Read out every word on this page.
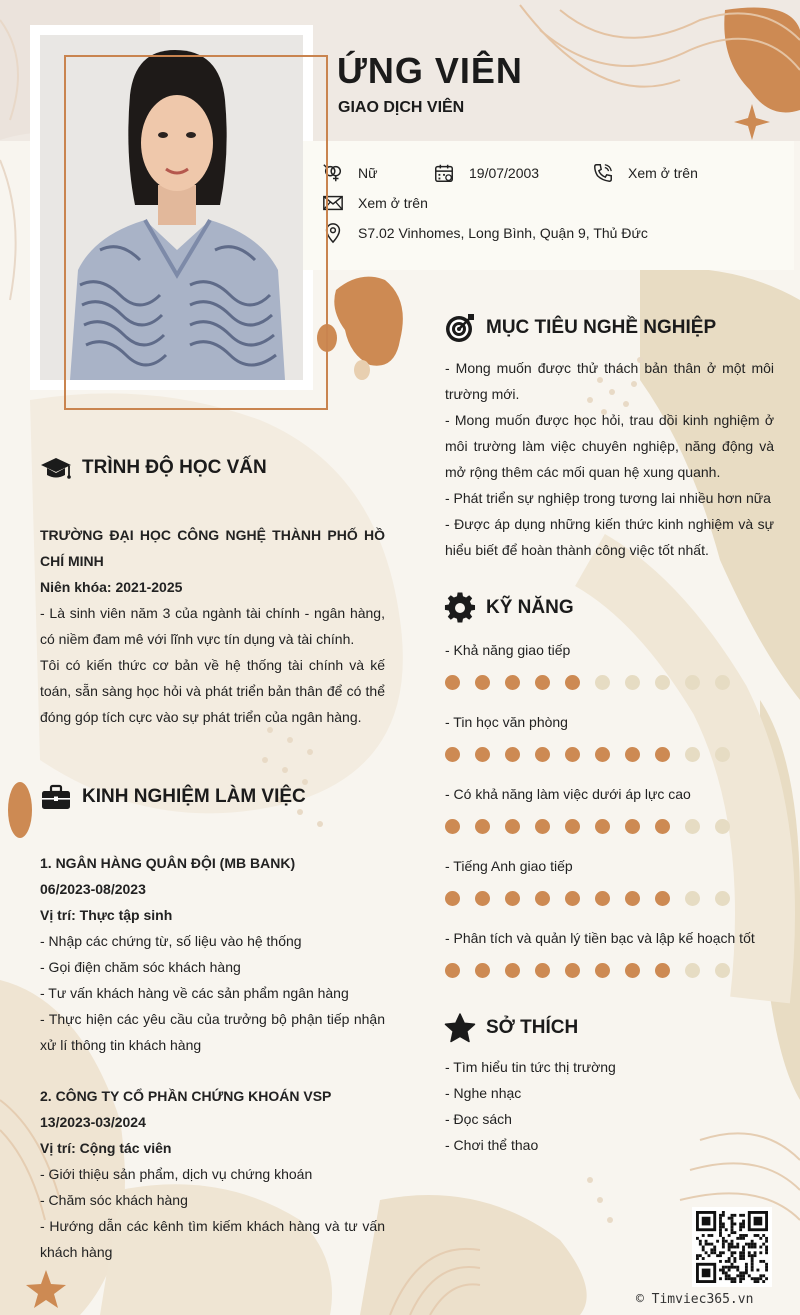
ỨNG VIÊN
GIAO DỊCH VIÊN
Nữ	19/07/2003	Xem ở trên
Xem ở trên
S7.02 Vinhomes, Long Bình, Quận 9, Thủ Đức
MỤC TIÊU NGHỀ NGHIỆP
- Mong muốn được thử thách bản thân ở một môi trường mới.
- Mong muốn được học hỏi, trau dồi kinh nghiệm ở môi trường làm việc chuyên nghiệp, năng động và mở rộng thêm các mối quan hệ xung quanh.
- Phát triển sự nghiệp trong tương lai nhiều hơn nữa
- Được áp dụng những kiến thức kinh nghiệm và sự hiểu biết để hoàn thành công việc tốt nhất.
TRÌNH ĐỘ HỌC VẤN
TRƯỜNG ĐẠI HỌC CÔNG NGHỆ THÀNH PHỐ HỒ CHÍ MINH
Niên khóa: 2021-2025
- Là sinh viên năm 3 của ngành tài chính - ngân hàng, có niềm đam mê với lĩnh vực tín dụng và tài chính.
Tôi có kiến thức cơ bản về hệ thống tài chính và kế toán, sẵn sàng học hỏi và phát triển bản thân để có thể đóng góp tích cực vào sự phát triển của ngân hàng.
KINH NGHIỆM LÀM VIỆC
1. NGÂN HÀNG QUÂN ĐỘI (MB BANK)
06/2023-08/2023
Vị trí: Thực tập sinh
- Nhập các chứng từ, số liệu vào hệ thống
- Gọi điện chăm sóc khách hàng
- Tư vấn khách hàng về các sản phẩm ngân hàng
- Thực hiện các yêu cầu của trưởng bộ phận tiếp nhận xử lí thông tin khách hàng
2. CÔNG TY CỔ PHẦN CHỨNG KHOÁN VSP
13/2023-03/2024
Vị trí: Cộng tác viên
- Giới thiệu sản phẩm, dịch vụ chứng khoán
- Chăm sóc khách hàng
- Hướng dẫn các kênh tìm kiếm khách hàng và tư vấn khách hàng
KỸ NĂNG
- Khả năng giao tiếp
- Tin học văn phòng
- Có khả năng làm việc dưới áp lực cao
- Tiếng Anh giao tiếp
- Phân tích và quản lý tiền bạc và lập kế hoạch tốt
SỞ THÍCH
- Tìm hiểu tin tức thị trường
- Nghe nhạc
- Đọc sách
- Chơi thể thao
© Timviec365.vn
